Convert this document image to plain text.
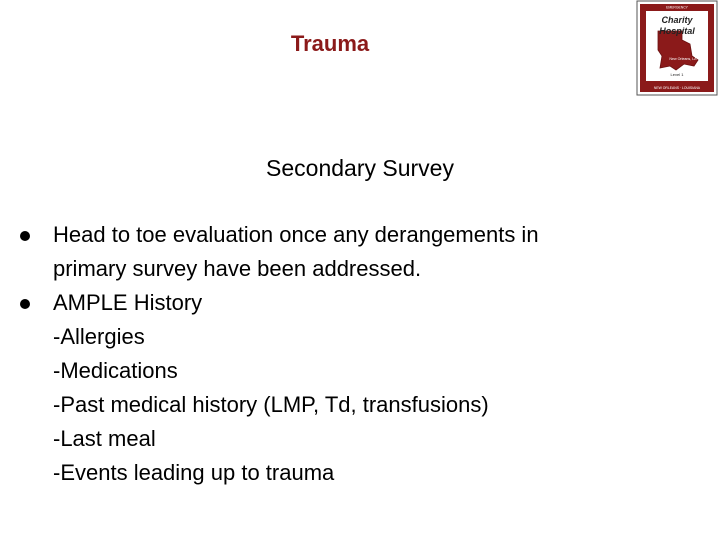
Trauma
Charity
Hospital
New Orleans, LA
Level 1
EMERGENCY
NEW ORLEANS · LOUISIANA
Secondary Survey
Head to toe evaluation once any derangements in
primary survey have been addressed.
AMPLE History
-Allergies
-Medications
-Past medical history (LMP, Td, transfusions)
-Last meal
-Events leading up to trauma
